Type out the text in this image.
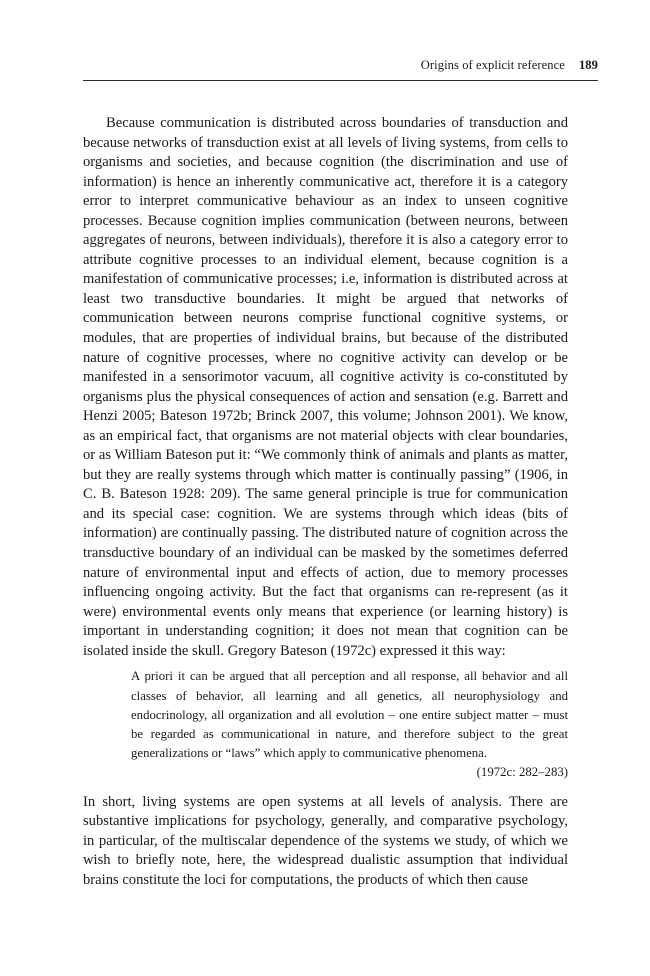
Origins of explicit reference 189

Because communication is distributed across boundaries of transduction and because networks of transduction exist at all levels of living systems, from cells to organisms and societies, and because cognition (the discrimination and use of information) is hence an inherently communicative act, therefore it is a category error to interpret communicative behaviour as an index to unseen cognitive processes. Because cognition implies communication (between neurons, between aggregates of neurons, between individuals), therefore it is also a category error to attribute cognitive processes to an individual element, because cognition is a manifestation of communicative processes; i.e, information is distributed across at least two transductive boundaries. It might be argued that networks of communication between neurons comprise functional cognitive systems, or modules, that are properties of individual brains, but because of the distributed nature of cognitive processes, where no cognitive activity can develop or be manifested in a sensorimotor vacuum, all cognitive activity is co-constituted by organisms plus the physical consequences of action and sensation (e.g. Barrett and Henzi 2005; Bateson 1972b; Brinck 2007, this volume; Johnson 2001). We know, as an empirical fact, that organisms are not material objects with clear boundaries, or as William Bateson put it: “We commonly think of animals and plants as matter, but they are really systems through which matter is continually passing” (1906, in C. B. Bateson 1928: 209). The same general principle is true for communication and its special case: cognition. We are systems through which ideas (bits of information) are continually passing. The distributed nature of cognition across the transductive boundary of an individual can be masked by the sometimes deferred nature of environmental input and effects of action, due to memory processes influencing ongoing activity. But the fact that organisms can re-represent (as it were) environmental events only means that experience (or learning history) is important in understanding cognition; it does not mean that cognition can be isolated inside the skull. Gregory Bateson (1972c) expressed it this way:

A priori it can be argued that all perception and all response, all behavior and all classes of behavior, all learning and all genetics, all neurophysiology and endocrinology, all organization and all evolution – one entire subject matter – must be regarded as communicational in nature, and therefore subject to the great generalizations or “laws” which apply to communicative phenomena.
(1972c: 282–283)

In short, living systems are open systems at all levels of analysis. There are substantive implications for psychology, generally, and comparative psychology, in particular, of the multiscalar dependence of the systems we study, of which we wish to briefly note, here, the widespread dualistic assumption that individual brains constitute the loci for computations, the products of which then cause
